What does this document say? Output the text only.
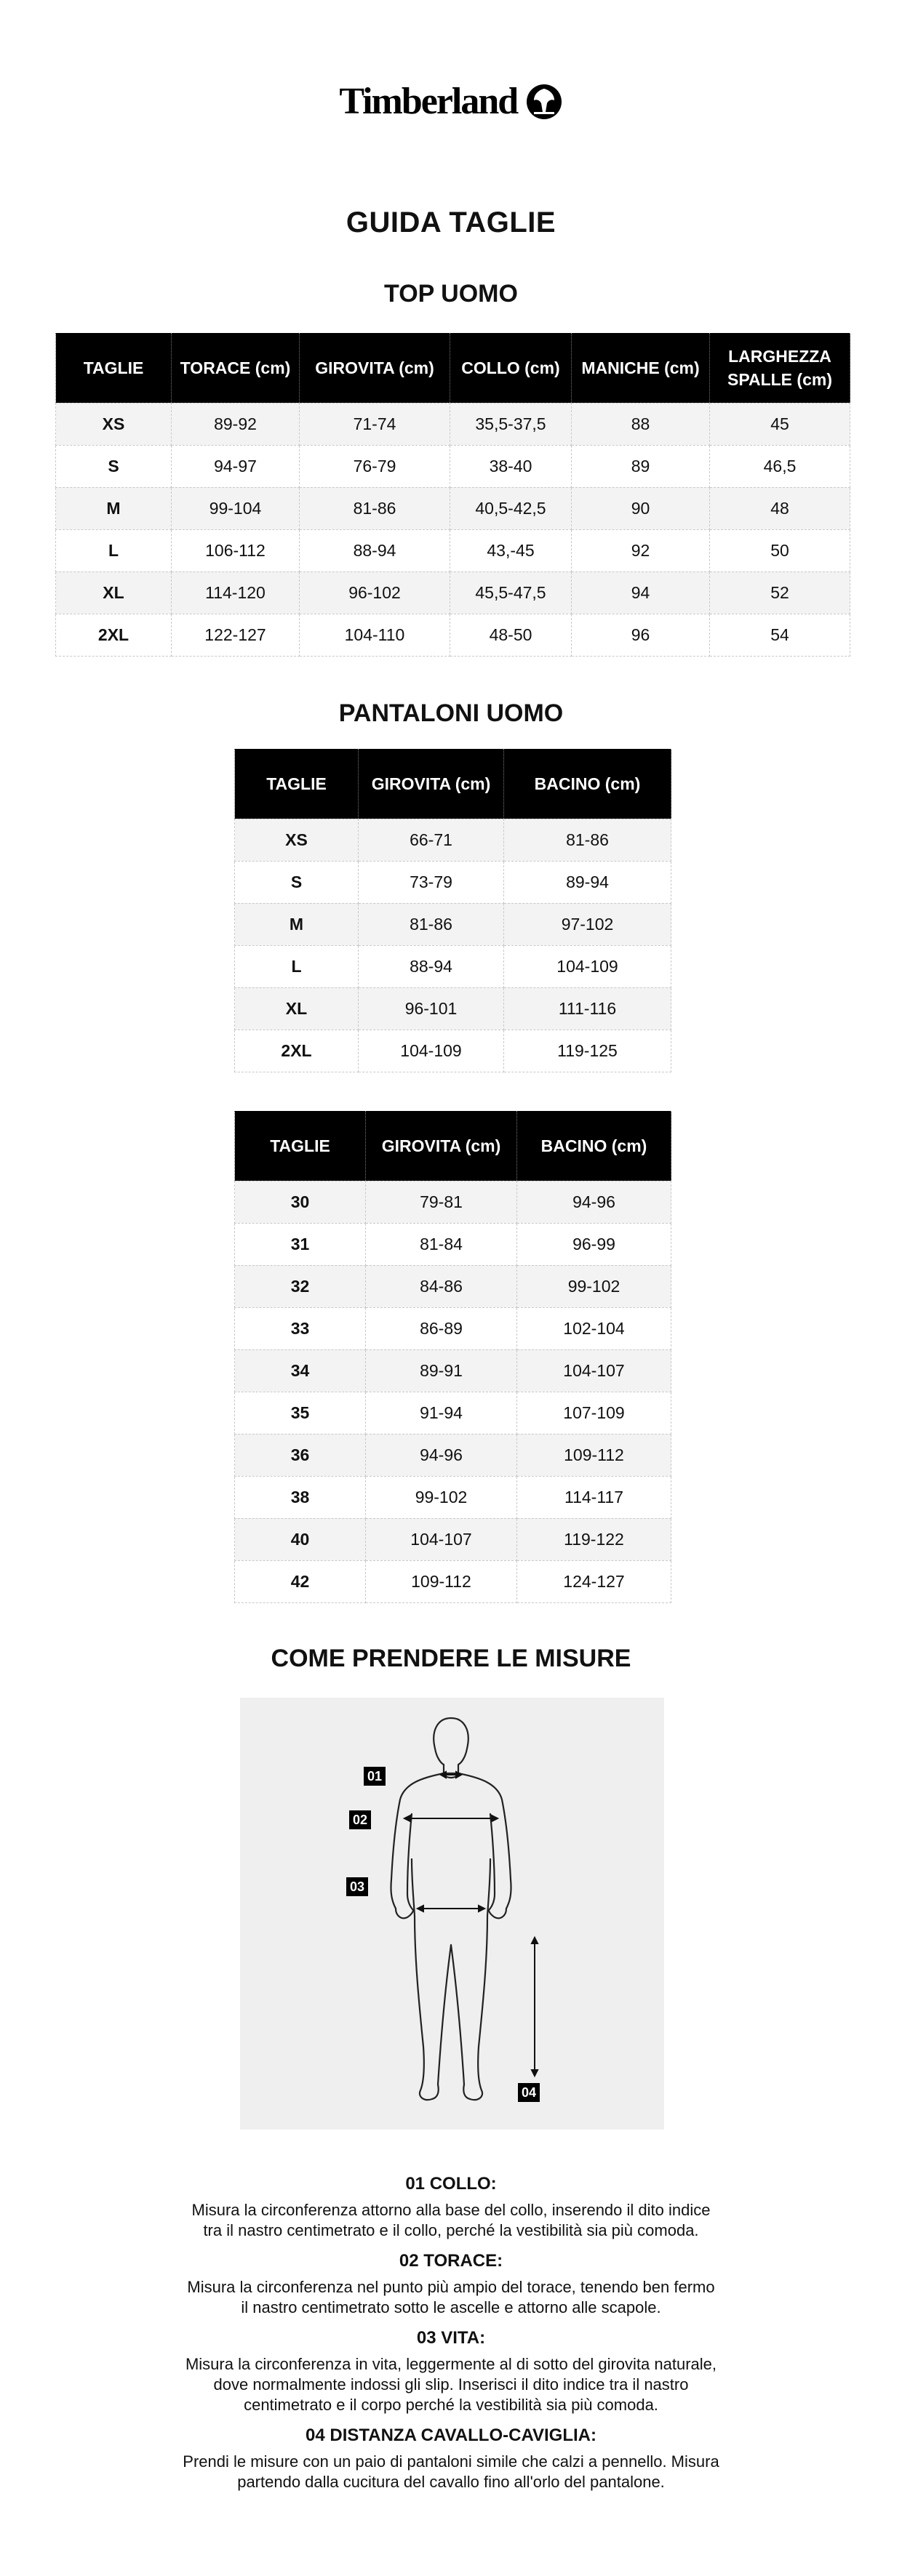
Timberland
GUIDA TAGLIE
TOP UOMO
TAGLIE	TORACE (cm)	GIROVITA (cm)	COLLO (cm)	MANICHE (cm)	LARGHEZZA SPALLE (cm)
XS	89-92	71-74	35,5-37,5	88	45
S	94-97	76-79	38-40	89	46,5
M	99-104	81-86	40,5-42,5	90	48
L	106-112	88-94	43,-45	92	50
XL	114-120	96-102	45,5-47,5	94	52
2XL	122-127	104-110	48-50	96	54
PANTALONI UOMO
TAGLIE	GIROVITA (cm)	BACINO (cm)
XS	66-71	81-86
S	73-79	89-94
M	81-86	97-102
L	88-94	104-109
XL	96-101	111-116
2XL	104-109	119-125
TAGLIE	GIROVITA (cm)	BACINO (cm)
30	79-81	94-96
31	81-84	96-99
32	84-86	99-102
33	86-89	102-104
34	89-91	104-107
35	91-94	107-109
36	94-96	109-112
38	99-102	114-117
40	104-107	119-122
42	109-112	124-127
COME PRENDERE LE MISURE
01
02
03
04

01 COLLO:

Misura la circonferenza attorno alla base del collo, inserendo il dito indice tra il nastro centimetrato e il collo, perché la vestibilità sia più comoda.

02 TORACE:

Misura la circonferenza nel punto più ampio del torace, tenendo ben fermo il nastro centimetrato sotto le ascelle e attorno alle scapole.

03 VITA:

Misura la circonferenza in vita, leggermente al di sotto del girovita naturale, dove normalmente indossi gli slip. Inserisci il dito indice tra il nastro centimetrato e il corpo perché la vestibilità sia più comoda.

04 DISTANZA CAVALLO-CAVIGLIA:

Prendi le misure con un paio di pantaloni simile che calzi a pennello. Misura partendo dalla cucitura del cavallo fino all'orlo del pantalone.
